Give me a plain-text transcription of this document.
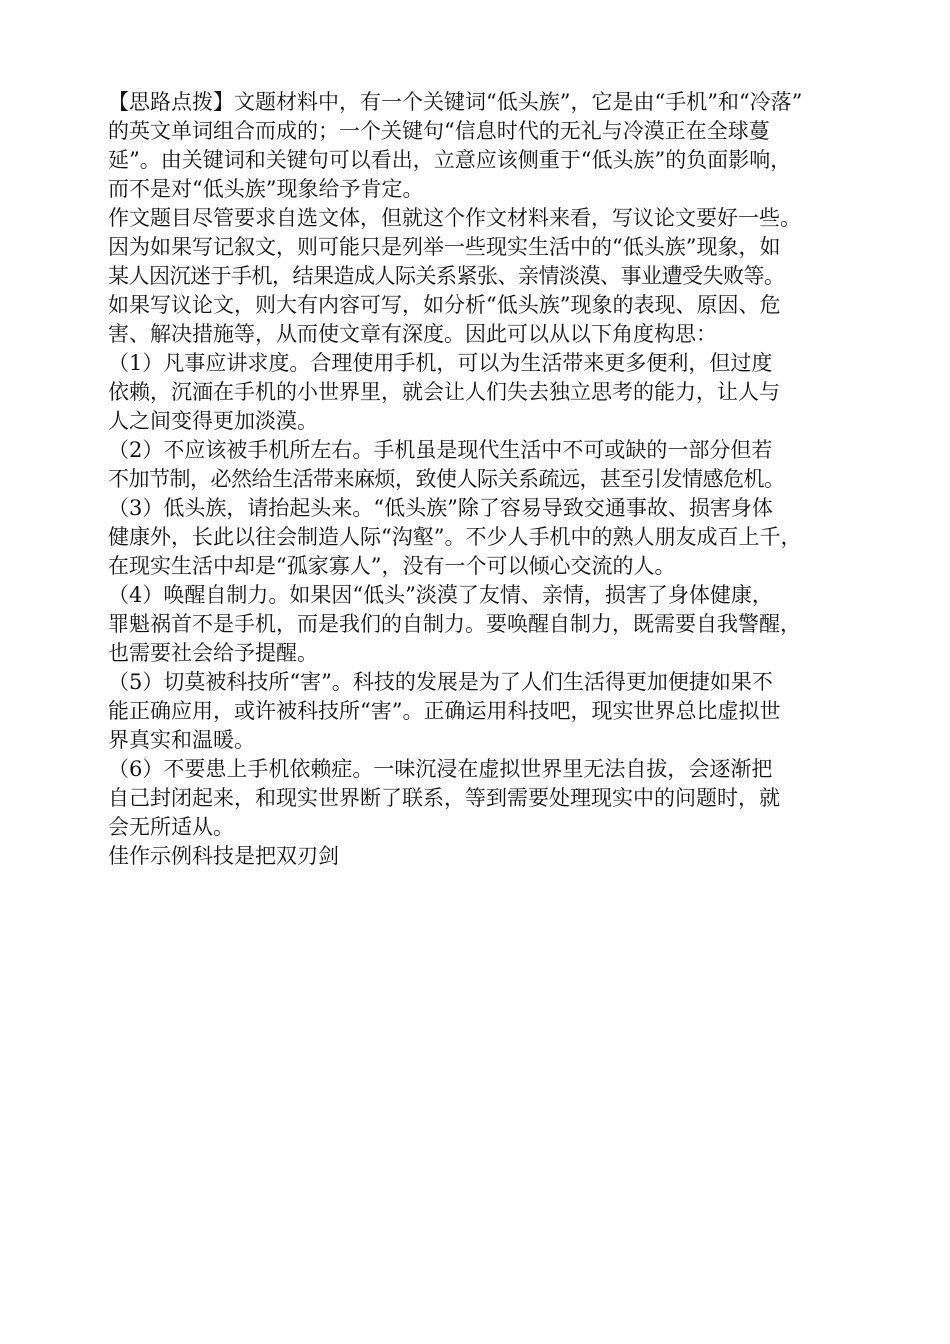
【思路点拨】文题材料中，有一个关键词“低头族”，它是由“手机”和“冷落”
的英文单词组合而成的；一个关键句“信息时代的无礼与冷漠正在全球蔓
延”。由关键词和关键句可以看出，立意应该侧重于“低头族”的负面影响，
而不是对“低头族”现象给予肯定。
作文题目尽管要求自选文体，但就这个作文材料来看，写议论文要好一些。
因为如果写记叙文，则可能只是列举一些现实生活中的“低头族”现象，如
某人因沉迷于手机，结果造成人际关系紧张、亲情淡漠、事业遭受失败等。
如果写议论文，则大有内容可写，如分析“低头族”现象的表现、原因、危
害、解决措施等，从而使文章有深度。因此可以从以下角度构思：
（1）凡事应讲求度。合理使用手机，可以为生活带来更多便利，但过度
依赖，沉湎在手机的小世界里，就会让人们失去独立思考的能力，让人与
人之间变得更加淡漠。
（2）不应该被手机所左右。手机虽是现代生活中不可或缺的一部分但若
不加节制，必然给生活带来麻烦，致使人际关系疏远，甚至引发情感危机。
（3）低头族，请抬起头来。“低头族”除了容易导致交通事故、损害身体
健康外，长此以往会制造人际“沟壑”。不少人手机中的熟人朋友成百上千，
在现实生活中却是“孤家寡人”，没有一个可以倾心交流的人。
（4）唤醒自制力。如果因“低头”淡漠了友情、亲情，损害了身体健康，
罪魁祸首不是手机，而是我们的自制力。要唤醒自制力，既需要自我警醒，
也需要社会给予提醒。
（5）切莫被科技所“害”。科技的发展是为了人们生活得更加便捷如果不
能正确应用，或许被科技所“害”。正确运用科技吧，现实世界总比虚拟世
界真实和温暖。
（6）不要患上手机依赖症。一味沉浸在虚拟世界里无法自拔，会逐渐把
自己封闭起来，和现实世界断了联系，等到需要处理现实中的问题时，就
会无所适从。
佳作示例科技是把双刃剑
